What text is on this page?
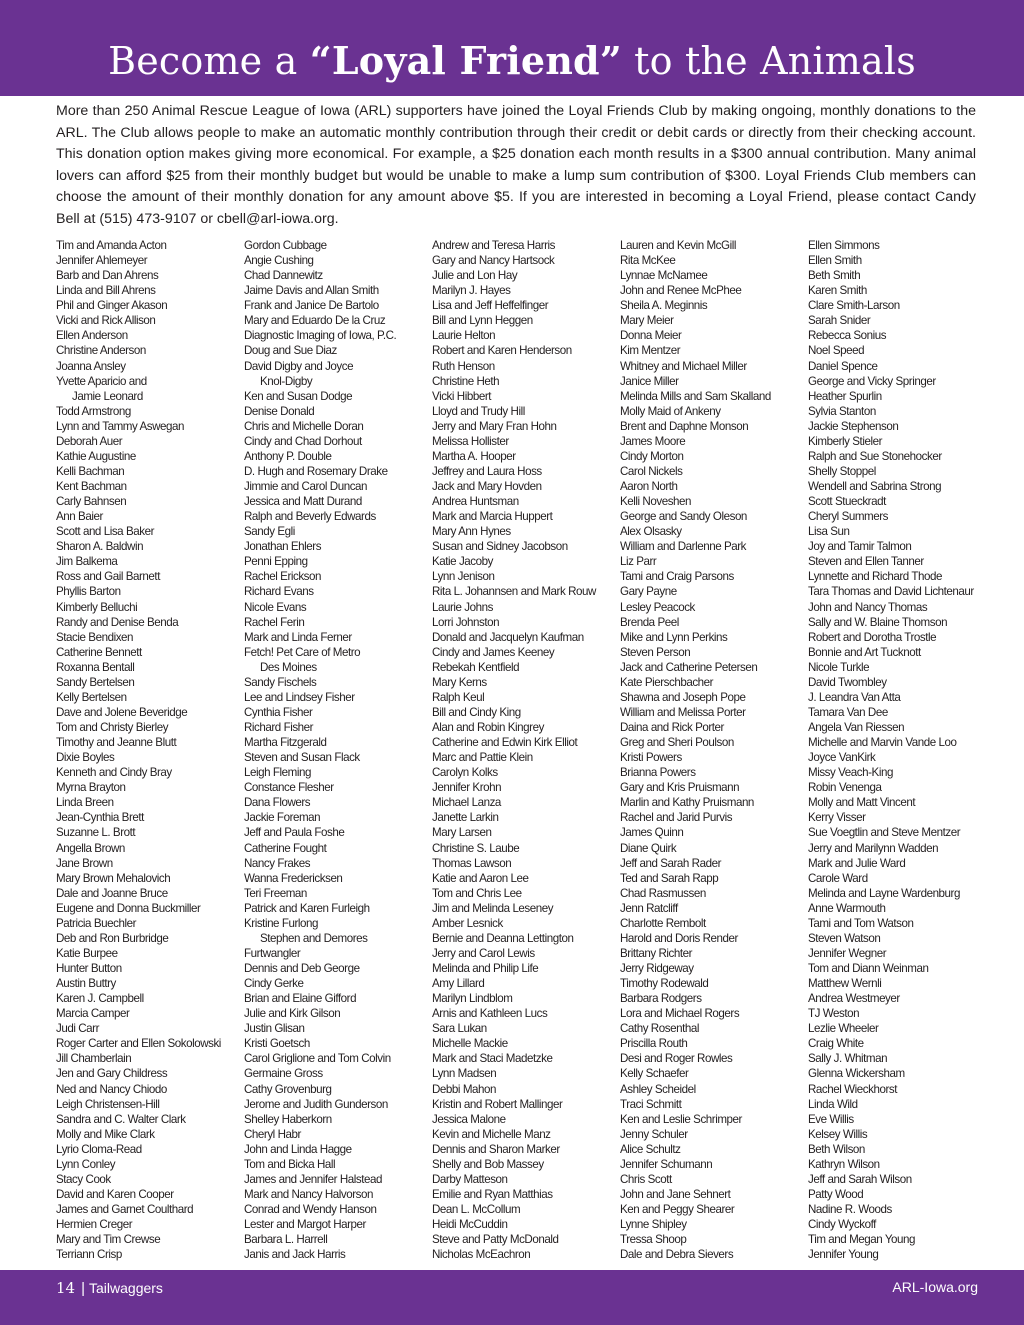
Become a “Loyal Friend” to the Animals

More than 250 Animal Rescue League of Iowa (ARL) supporters have joined the Loyal Friends Club by making ongoing, monthly donations to the ARL. The Club allows people to make an automatic monthly contribution through their credit or debit cards or directly from their checking account. This donation option makes giving more economical. For example, a $25 donation each month results in a $300 annual contribution. Many animal lovers can afford $25 from their monthly budget but would be unable to make a lump sum contribution of $300. Loyal Friends Club members can choose the amount of their monthly donation for any amount above $5. If you are interested in becoming a Loyal Friend, please contact Candy Bell at (515) 473-9107 or cbell@arl-iowa.org.

Tim and Amanda Acton
Jennifer Ahlemeyer
Barb and Dan Ahrens
Linda and Bill Ahrens
Phil and Ginger Akason
Vicki and Rick Allison
Ellen Anderson
Christine Anderson
Joanna Ansley
Yvette Aparicio and
Jamie Leonard
Todd Armstrong
Lynn and Tammy Aswegan
Deborah Auer
Kathie Augustine
Kelli Bachman
Kent Bachman
Carly Bahnsen
Ann Baier
Scott and Lisa Baker
Sharon A. Baldwin
Jim Balkema
Ross and Gail Barnett
Phyllis Barton
Kimberly Belluchi
Randy and Denise Benda
Stacie Bendixen
Catherine Bennett
Roxanna Bentall
Sandy Bertelsen
Kelly Bertelsen
Dave and Jolene Beveridge
Tom and Christy Bierley
Timothy and Jeanne Blutt
Dixie Boyles
Kenneth and Cindy Bray
Myrna Brayton
Linda Breen
Jean-Cynthia Brett
Suzanne L. Brott
Angella Brown
Jane Brown
Mary Brown Mehalovich
Dale and Joanne Bruce
Eugene and Donna Buckmiller
Patricia Buechler
Deb and Ron Burbridge
Katie Burpee
Hunter Button
Austin Buttry
Karen J. Campbell
Marcia Camper
Judi Carr
Roger Carter and Ellen Sokolowski
Jill Chamberlain
Jen and Gary Childress
Ned and Nancy Chiodo
Leigh Christensen-Hill
Sandra and C. Walter Clark
Molly and Mike Clark
Lyrio Cloma-Read
Lynn Conley
Stacy Cook
David and Karen Cooper
James and Garnet Coulthard
Hermien Creger
Mary and Tim Crewse
Terriann Crisp
Gordon Cubbage
Angie Cushing
Chad Dannewitz
Jaime Davis and Allan Smith
Frank and Janice De Bartolo
Mary and Eduardo De la Cruz
Diagnostic Imaging of Iowa, P.C.
Doug and Sue Diaz
David Digby and Joyce
Knol-Digby
Ken and Susan Dodge
Denise Donald
Chris and Michelle Doran
Cindy and Chad Dorhout
Anthony P. Double
D. Hugh and Rosemary Drake
Jimmie and Carol Duncan
Jessica and Matt Durand
Ralph and Beverly Edwards
Sandy Egli
Jonathan Ehlers
Penni Epping
Rachel Erickson
Richard Evans
Nicole Evans
Rachel Ferin
Mark and Linda Ferner
Fetch! Pet Care of Metro
Des Moines
Sandy Fischels
Lee and Lindsey Fisher
Cynthia Fisher
Richard Fisher
Martha Fitzgerald
Steven and Susan Flack
Leigh Fleming
Constance Flesher
Dana Flowers
Jackie Foreman
Jeff and Paula Foshe
Catherine Fought
Nancy Frakes
Wanna Fredericksen
Teri Freeman
Patrick and Karen Furleigh
Kristine Furlong
Stephen and Demores
Furtwangler
Dennis and Deb George
Cindy Gerke
Brian and Elaine Gifford
Julie and Kirk Gilson
Justin Glisan
Kristi Goetsch
Carol Griglione and Tom Colvin
Germaine Gross
Cathy Grovenburg
Jerome and Judith Gunderson
Shelley Haberkorn
Cheryl Habr
John and Linda Hagge
Tom and Bicka Hall
James and Jennifer Halstead
Mark and Nancy Halvorson
Conrad and Wendy Hanson
Lester and Margot Harper
Barbara L. Harrell
Janis and Jack Harris
Andrew and Teresa Harris
Gary and Nancy Hartsock
Julie and Lon Hay
Marilyn J. Hayes
Lisa and Jeff Heffelfinger
Bill and Lynn Heggen
Laurie Helton
Robert and Karen Henderson
Ruth Henson
Christine Heth
Vicki Hibbert
Lloyd and Trudy Hill
Jerry and Mary Fran Hohn
Melissa Hollister
Martha A. Hooper
Jeffrey and Laura Hoss
Jack and Mary Hovden
Andrea Huntsman
Mark and Marcia Huppert
Mary Ann Hynes
Susan and Sidney Jacobson
Katie Jacoby
Lynn Jenison
Rita L. Johannsen and Mark Rouw
Laurie Johns
Lorri Johnston
Donald and Jacquelyn Kaufman
Cindy and James Keeney
Rebekah Kentfield
Mary Kerns
Ralph Keul
Bill and Cindy King
Alan and Robin Kingrey
Catherine and Edwin Kirk Elliot
Marc and Pattie Klein
Carolyn Kolks
Jennifer Krohn
Michael Lanza
Janette Larkin
Mary Larsen
Christine S. Laube
Thomas Lawson
Katie and Aaron Lee
Tom and Chris Lee
Jim and Melinda Leseney
Amber Lesnick
Bernie and Deanna Lettington
Jerry and Carol Lewis
Melinda and Philip Life
Amy Lillard
Marilyn Lindblom
Arnis and Kathleen Lucs
Sara Lukan
Michelle Mackie
Mark and Staci Madetzke
Lynn Madsen
Debbi Mahon
Kristin and Robert Mallinger
Jessica Malone
Kevin and Michelle Manz
Dennis and Sharon Marker
Shelly and Bob Massey
Darby Matteson
Emilie and Ryan Matthias
Dean L. McCollum
Heidi McCuddin
Steve and Patty McDonald
Nicholas McEachron
Lauren and Kevin McGill
Rita McKee
Lynnae McNamee
John and Renee McPhee
Sheila A. Meginnis
Mary Meier
Donna Meier
Kim Mentzer
Whitney and Michael Miller
Janice Miller
Melinda Mills and Sam Skalland
Molly Maid of Ankeny
Brent and Daphne Monson
James Moore
Cindy Morton
Carol Nickels
Aaron North
Kelli Noveshen
George and Sandy Oleson
Alex Olsasky
William and Darlenne Park
Liz Parr
Tami and Craig Parsons
Gary Payne
Lesley Peacock
Brenda Peel
Mike and Lynn Perkins
Steven Person
Jack and Catherine Petersen
Kate Pierschbacher
Shawna and Joseph Pope
William and Melissa Porter
Daina and Rick Porter
Greg and Sheri Poulson
Kristi Powers
Brianna Powers
Gary and Kris Pruismann
Marlin and Kathy Pruismann
Rachel and Jarid Purvis
James Quinn
Diane Quirk
Jeff and Sarah Rader
Ted and Sarah Rapp
Chad Rasmussen
Jenn Ratcliff
Charlotte Rembolt
Harold and Doris Render
Brittany Richter
Jerry Ridgeway
Timothy Rodewald
Barbara Rodgers
Lora and Michael Rogers
Cathy Rosenthal
Priscilla Routh
Desi and Roger Rowles
Kelly Schaefer
Ashley Scheidel
Traci Schmitt
Ken and Leslie Schrimper
Jenny Schuler
Alice Schultz
Jennifer Schumann
Chris Scott
John and Jane Sehnert
Ken and Peggy Shearer
Lynne Shipley
Tressa Shoop
Dale and Debra Sievers
Ellen Simmons
Ellen Smith
Beth Smith
Karen Smith
Clare Smith-Larson
Sarah Snider
Rebecca Sonius
Noel Speed
Daniel Spence
George and Vicky Springer
Heather Spurlin
Sylvia Stanton
Jackie Stephenson
Kimberly Stieler
Ralph and Sue Stonehocker
Shelly Stoppel
Wendell and Sabrina Strong
Scott Stueckradt
Cheryl Summers
Lisa Sun
Joy and Tamir Talmon
Steven and Ellen Tanner
Lynnette and Richard Thode
Tara Thomas and David Lichtenaur
John and Nancy Thomas
Sally and W. Blaine Thomson
Robert and Dorotha Trostle
Bonnie and Art Tucknott
Nicole Turkle
David Twombley
J. Leandra Van Atta
Tamara Van Dee
Angela Van Riessen
Michelle and Marvin Vande Loo
Joyce VanKirk
Missy Veach-King
Robin Venenga
Molly and Matt Vincent
Kerry Visser
Sue Voegtlin and Steve Mentzer
Jerry and Marilynn Wadden
Mark and Julie Ward
Carole Ward
Melinda and Layne Wardenburg
Anne Warmouth
Tami and Tom Watson
Steven Watson
Jennifer Wegner
Tom and Diann Weinman
Matthew Wernli
Andrea Westmeyer
TJ Weston
Lezlie Wheeler
Craig White
Sally J. Whitman
Glenna Wickersham
Rachel Wieckhorst
Linda Wild
Eve Willis
Kelsey Willis
Beth Wilson
Kathryn Wilson
Jeff and Sarah Wilson
Patty Wood
Nadine R. Woods
Cindy Wyckoff
Tim and Megan Young
Jennifer Young
14 | Tailwaggers	ARL-Iowa.org
